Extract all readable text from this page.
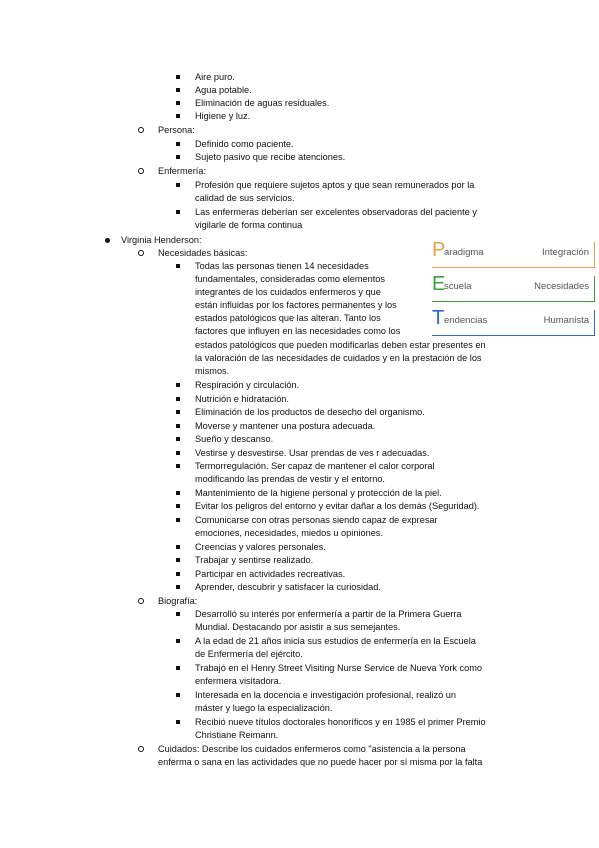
Aire puro.
Agua potable.
Eliminación de aguas residuales.
Higiene y luz.
Persona:
Definido como paciente.
Sujeto pasivo que recibe atenciones.
Enfermería:
Profesión que requiere sujetos aptos y que sean remunerados por la
calidad de sus servicios.
Las enfermeras deberían ser excelentes observadoras del paciente y
vigilarle de forma continua
Virginia Henderson:
Necesidades básicas:
Todas las personas tienen 14 necesidades
fundamentales, consideradas como elementos
integrantes de los cuidados enfermeros y que
están influidas por los factores permanentes y los
estados patológicos que las alteran. Tanto los
factores que influyen en las necesidades como los
estados patológicos que pueden modificarlas deben estar presentes en
la valoración de las necesidades de cuidados y en la prestación de los
mismos.
Respiración y circulación.
Nutrición e hidratación.
Eliminación de los productos de desecho del organismo.
Moverse y mantener una postura adecuada.
Sueño y descanso.
Vestirse y desvestirse. Usar prendas de ves r adecuadas.
Termorregulación. Ser capaz de mantener el calor corporal
modificando las prendas de vestir y el entorno.
Mantenimiento de la higiene personal y protección de la piel.
Evitar los peligros del entorno y evitar dañar a los demás (Seguridad).
Comunicarse con otras personas siendo capaz de expresar
emociones, necesidades, miedos u opiniones.
Creencias y valores personales.
Trabajar y sentirse realizado.
Participar en actividades recreativas.
Aprender, descubrir y satisfacer la curiosidad.
Biografía:
Desarrolló su interés por enfermería a partir de la Primera Guerra
Mundial. Destacando por asistir a sus semejantes.
A la edad de 21 años inicia sus estudios de enfermería en la Escuela
de Enfermería del ejército.
Trabajó en el Henry Street Visiting Nurse Service de Nueva York como
enfermera visitadora.
Interesada en la docencia e investigación profesional, realizó un
máster y luego la especialización.
Recibió nueve títulos doctorales honoríficos y en 1985 el primer Premio
Christiane Reimann.
Cuidados: Describe los cuidados enfermeros como "asistencia a la persona
enferma o sana en las actividades que no puede hacer por sí misma por la falta
P
aradigma	Integración
E
scuela	Necesidades
T endencias	Humanista
